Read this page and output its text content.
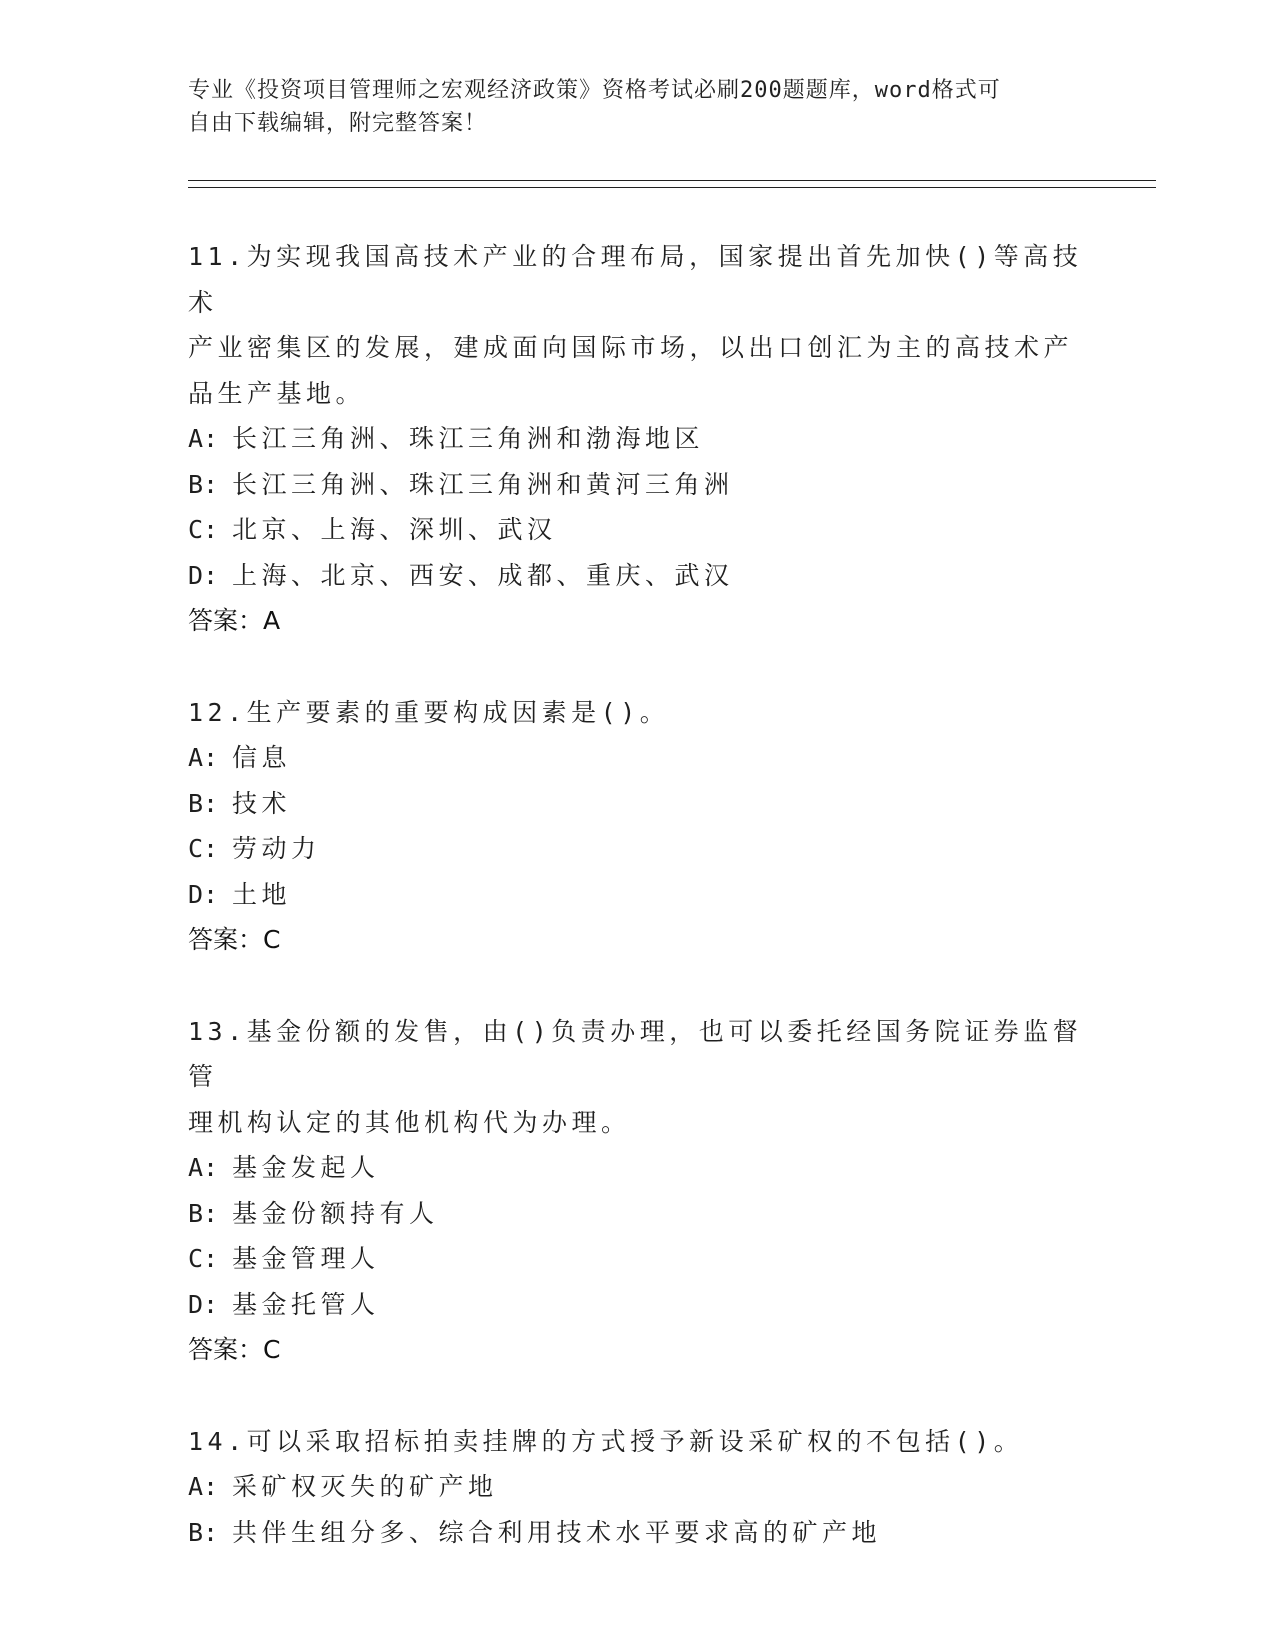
专业《投资项目管理师之宏观经济政策》资格考试必刷200题题库，word格式可
自由下载编辑，附完整答案！
11.为实现我国高技术产业的合理布局，国家提出首先加快()等高技术
产业密集区的发展，建成面向国际市场，以出口创汇为主的高技术产
品生产基地。
A: 长江三角洲、珠江三角洲和渤海地区
B: 长江三角洲、珠江三角洲和黄河三角洲
C: 北京、上海、深圳、武汉
D: 上海、北京、西安、成都、重庆、武汉
答案：A
12.生产要素的重要构成因素是()。
A: 信息
B: 技术
C: 劳动力
D: 土地
答案：C
13.基金份额的发售，由()负责办理，也可以委托经国务院证券监督管
理机构认定的其他机构代为办理。
A: 基金发起人
B: 基金份额持有人
C: 基金管理人
D: 基金托管人
答案：C
14.可以采取招标拍卖挂牌的方式授予新设采矿权的不包括()。
A: 采矿权灭失的矿产地
B: 共伴生组分多、综合利用技术水平要求高的矿产地
